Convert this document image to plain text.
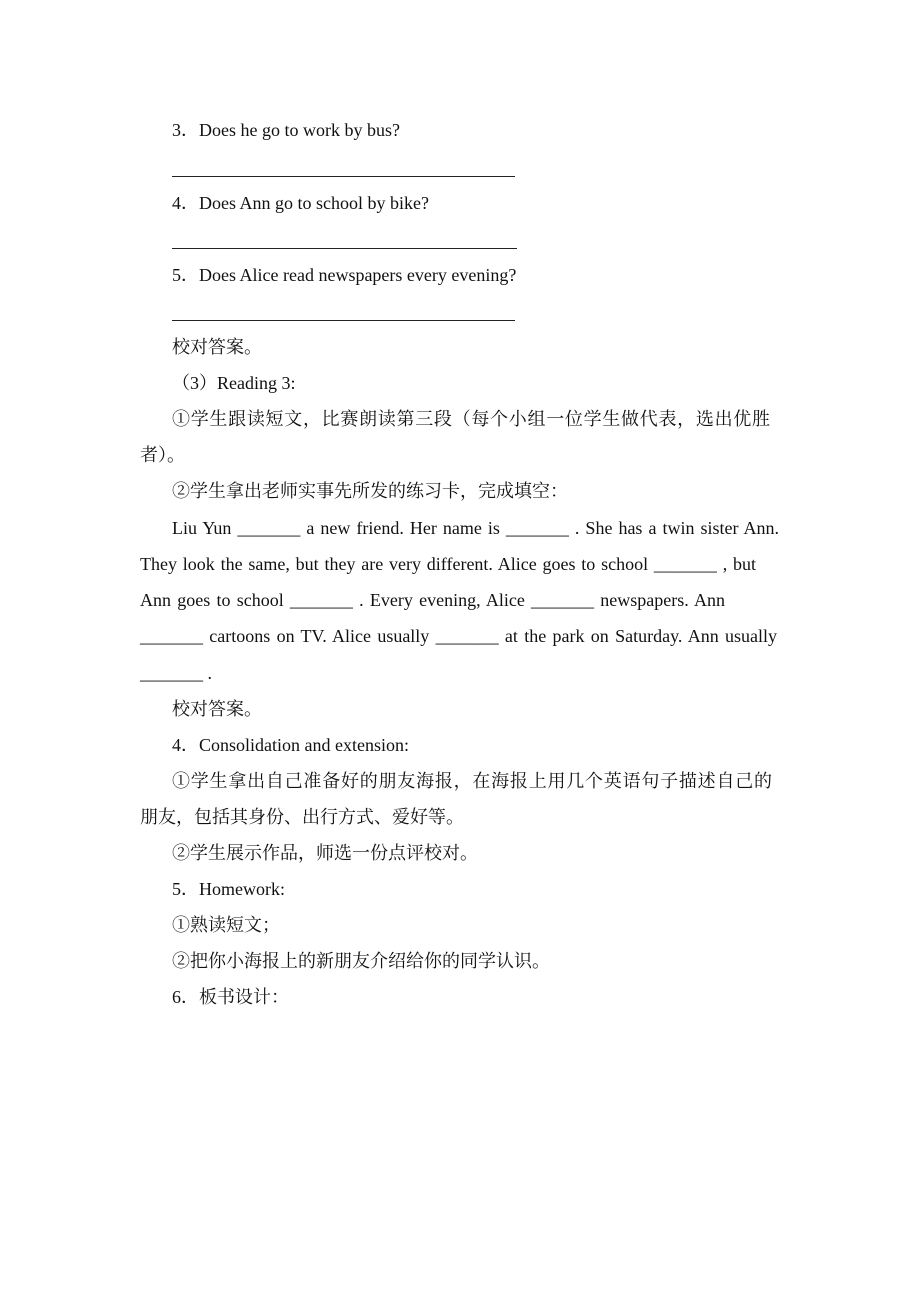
3．Does he go to work by bus?
4．Does Ann go to school by bike?
5．Does Alice read newspapers every evening?
校对答案。
（3）Reading 3:
①学生跟读短文，比赛朗读第三段（每个小组一位学生做代表，选出优胜
者）。
②学生拿出老师实事先所发的练习卡，完成填空：
Liu Yun _______ a new friend. Her name is _______ . She has a twin sister Ann.
They look the same, but they are very different. Alice goes to school _______ , but
Ann goes to school _______ . Every evening, Alice _______ newspapers. Ann
_______ cartoons on TV. Alice usually _______ at the park on Saturday. Ann usually
_______ .
校对答案。
4．Consolidation and extension:
①学生拿出自己准备好的朋友海报，在海报上用几个英语句子描述自己的
朋友，包括其身份、出行方式、爱好等。
②学生展示作品，师选一份点评校对。
5．Homework:
①熟读短文；
②把你小海报上的新朋友介绍给你的同学认识。
6．板书设计：
